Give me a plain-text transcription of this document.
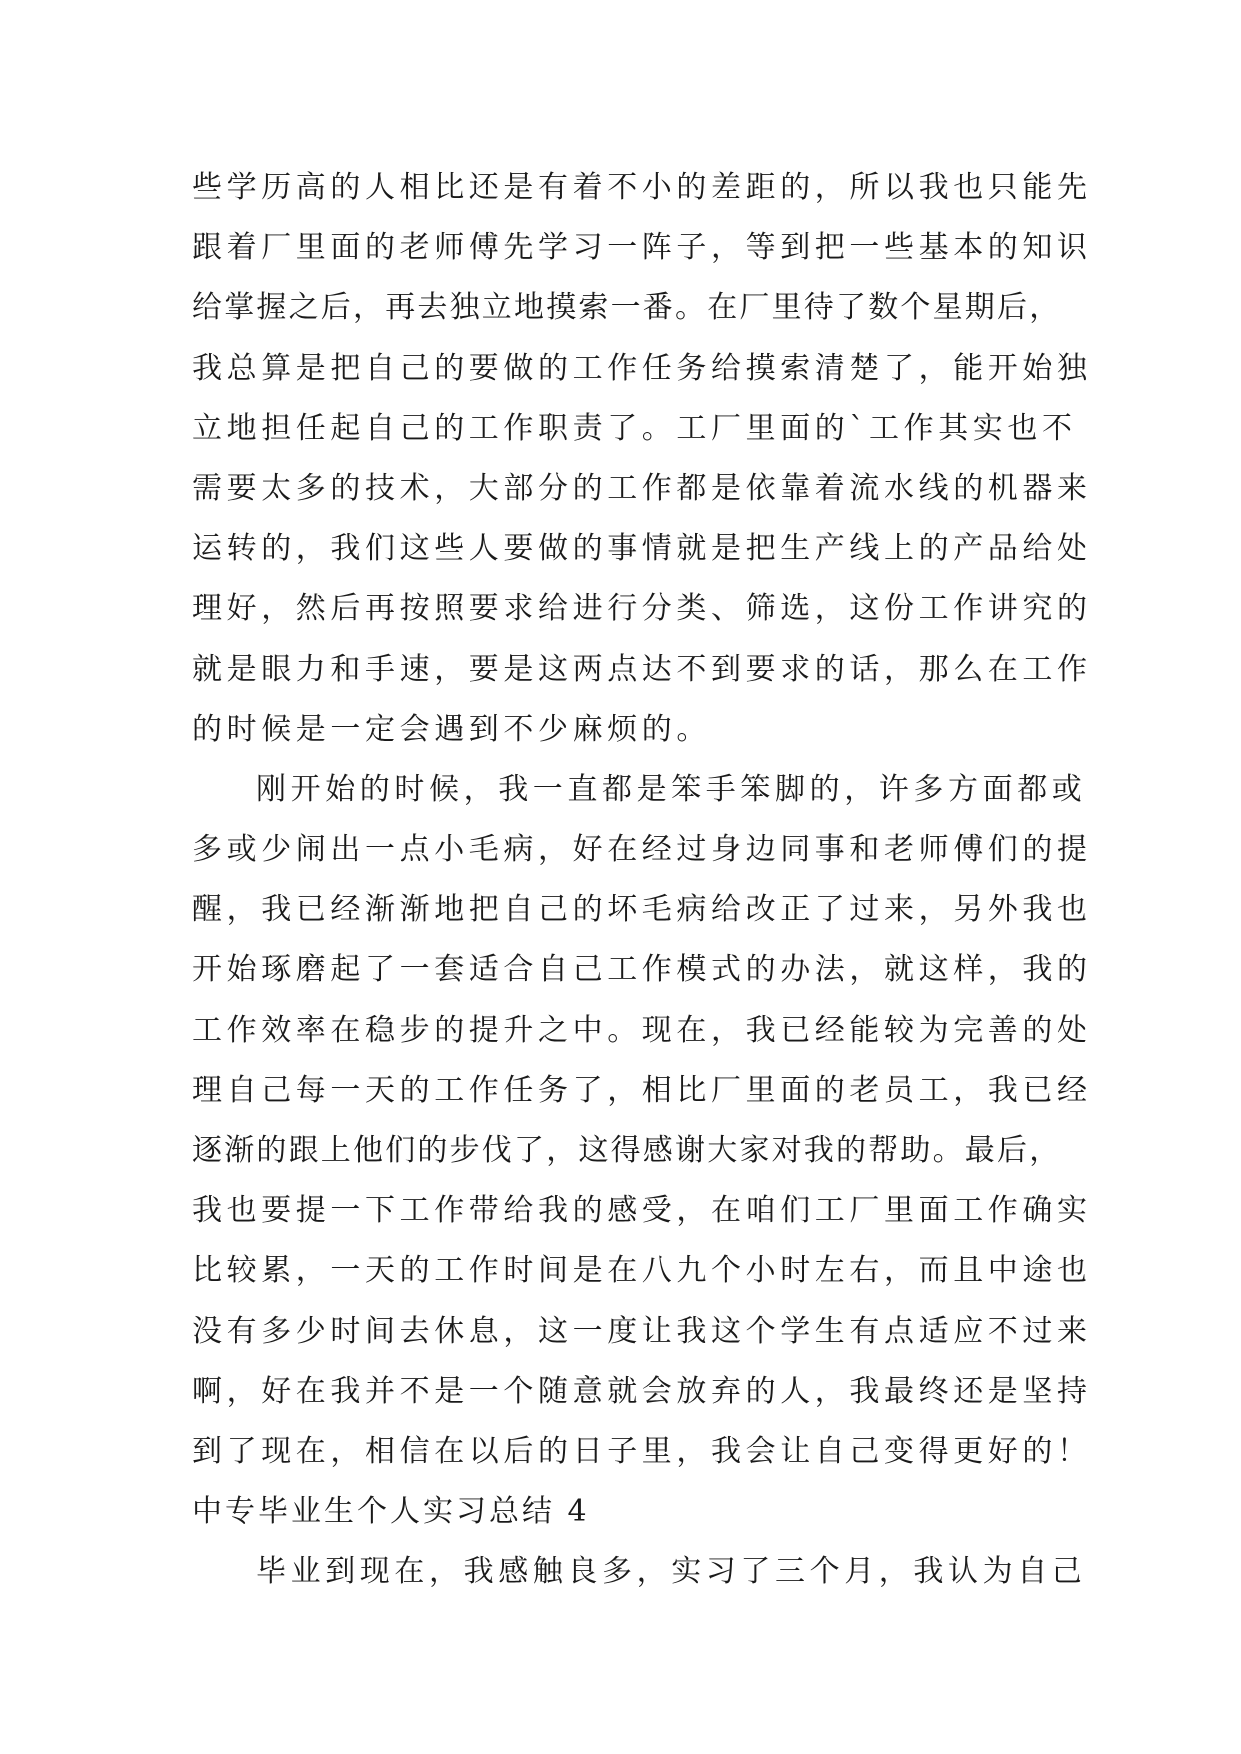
些学历高的人相比还是有着不小的差距的，所以我也只能先
跟着厂里面的老师傅先学习一阵子，等到把一些基本的知识
给掌握之后，再去独立地摸索一番。在厂里待了数个星期后，
我总算是把自己的要做的工作任务给摸索清楚了，能开始独
立地担任起自己的工作职责了。工厂里面的`工作其实也不
需要太多的技术，大部分的工作都是依靠着流水线的机器来
运转的，我们这些人要做的事情就是把生产线上的产品给处
理好，然后再按照要求给进行分类、筛选，这份工作讲究的
就是眼力和手速，要是这两点达不到要求的话，那么在工作
的时候是一定会遇到不少麻烦的。
刚开始的时候，我一直都是笨手笨脚的，许多方面都或
多或少闹出一点小毛病，好在经过身边同事和老师傅们的提
醒，我已经渐渐地把自己的坏毛病给改正了过来，另外我也
开始琢磨起了一套适合自己工作模式的办法，就这样，我的
工作效率在稳步的提升之中。现在，我已经能较为完善的处
理自己每一天的工作任务了，相比厂里面的老员工，我已经
逐渐的跟上他们的步伐了，这得感谢大家对我的帮助。最后，
我也要提一下工作带给我的感受，在咱们工厂里面工作确实
比较累，一天的工作时间是在八九个小时左右，而且中途也
没有多少时间去休息，这一度让我这个学生有点适应不过来
啊，好在我并不是一个随意就会放弃的人，我最终还是坚持
到了现在，相信在以后的日子里，我会让自己变得更好的！
中专毕业生个人实习总结 4
毕业到现在，我感触良多，实习了三个月，我认为自己
